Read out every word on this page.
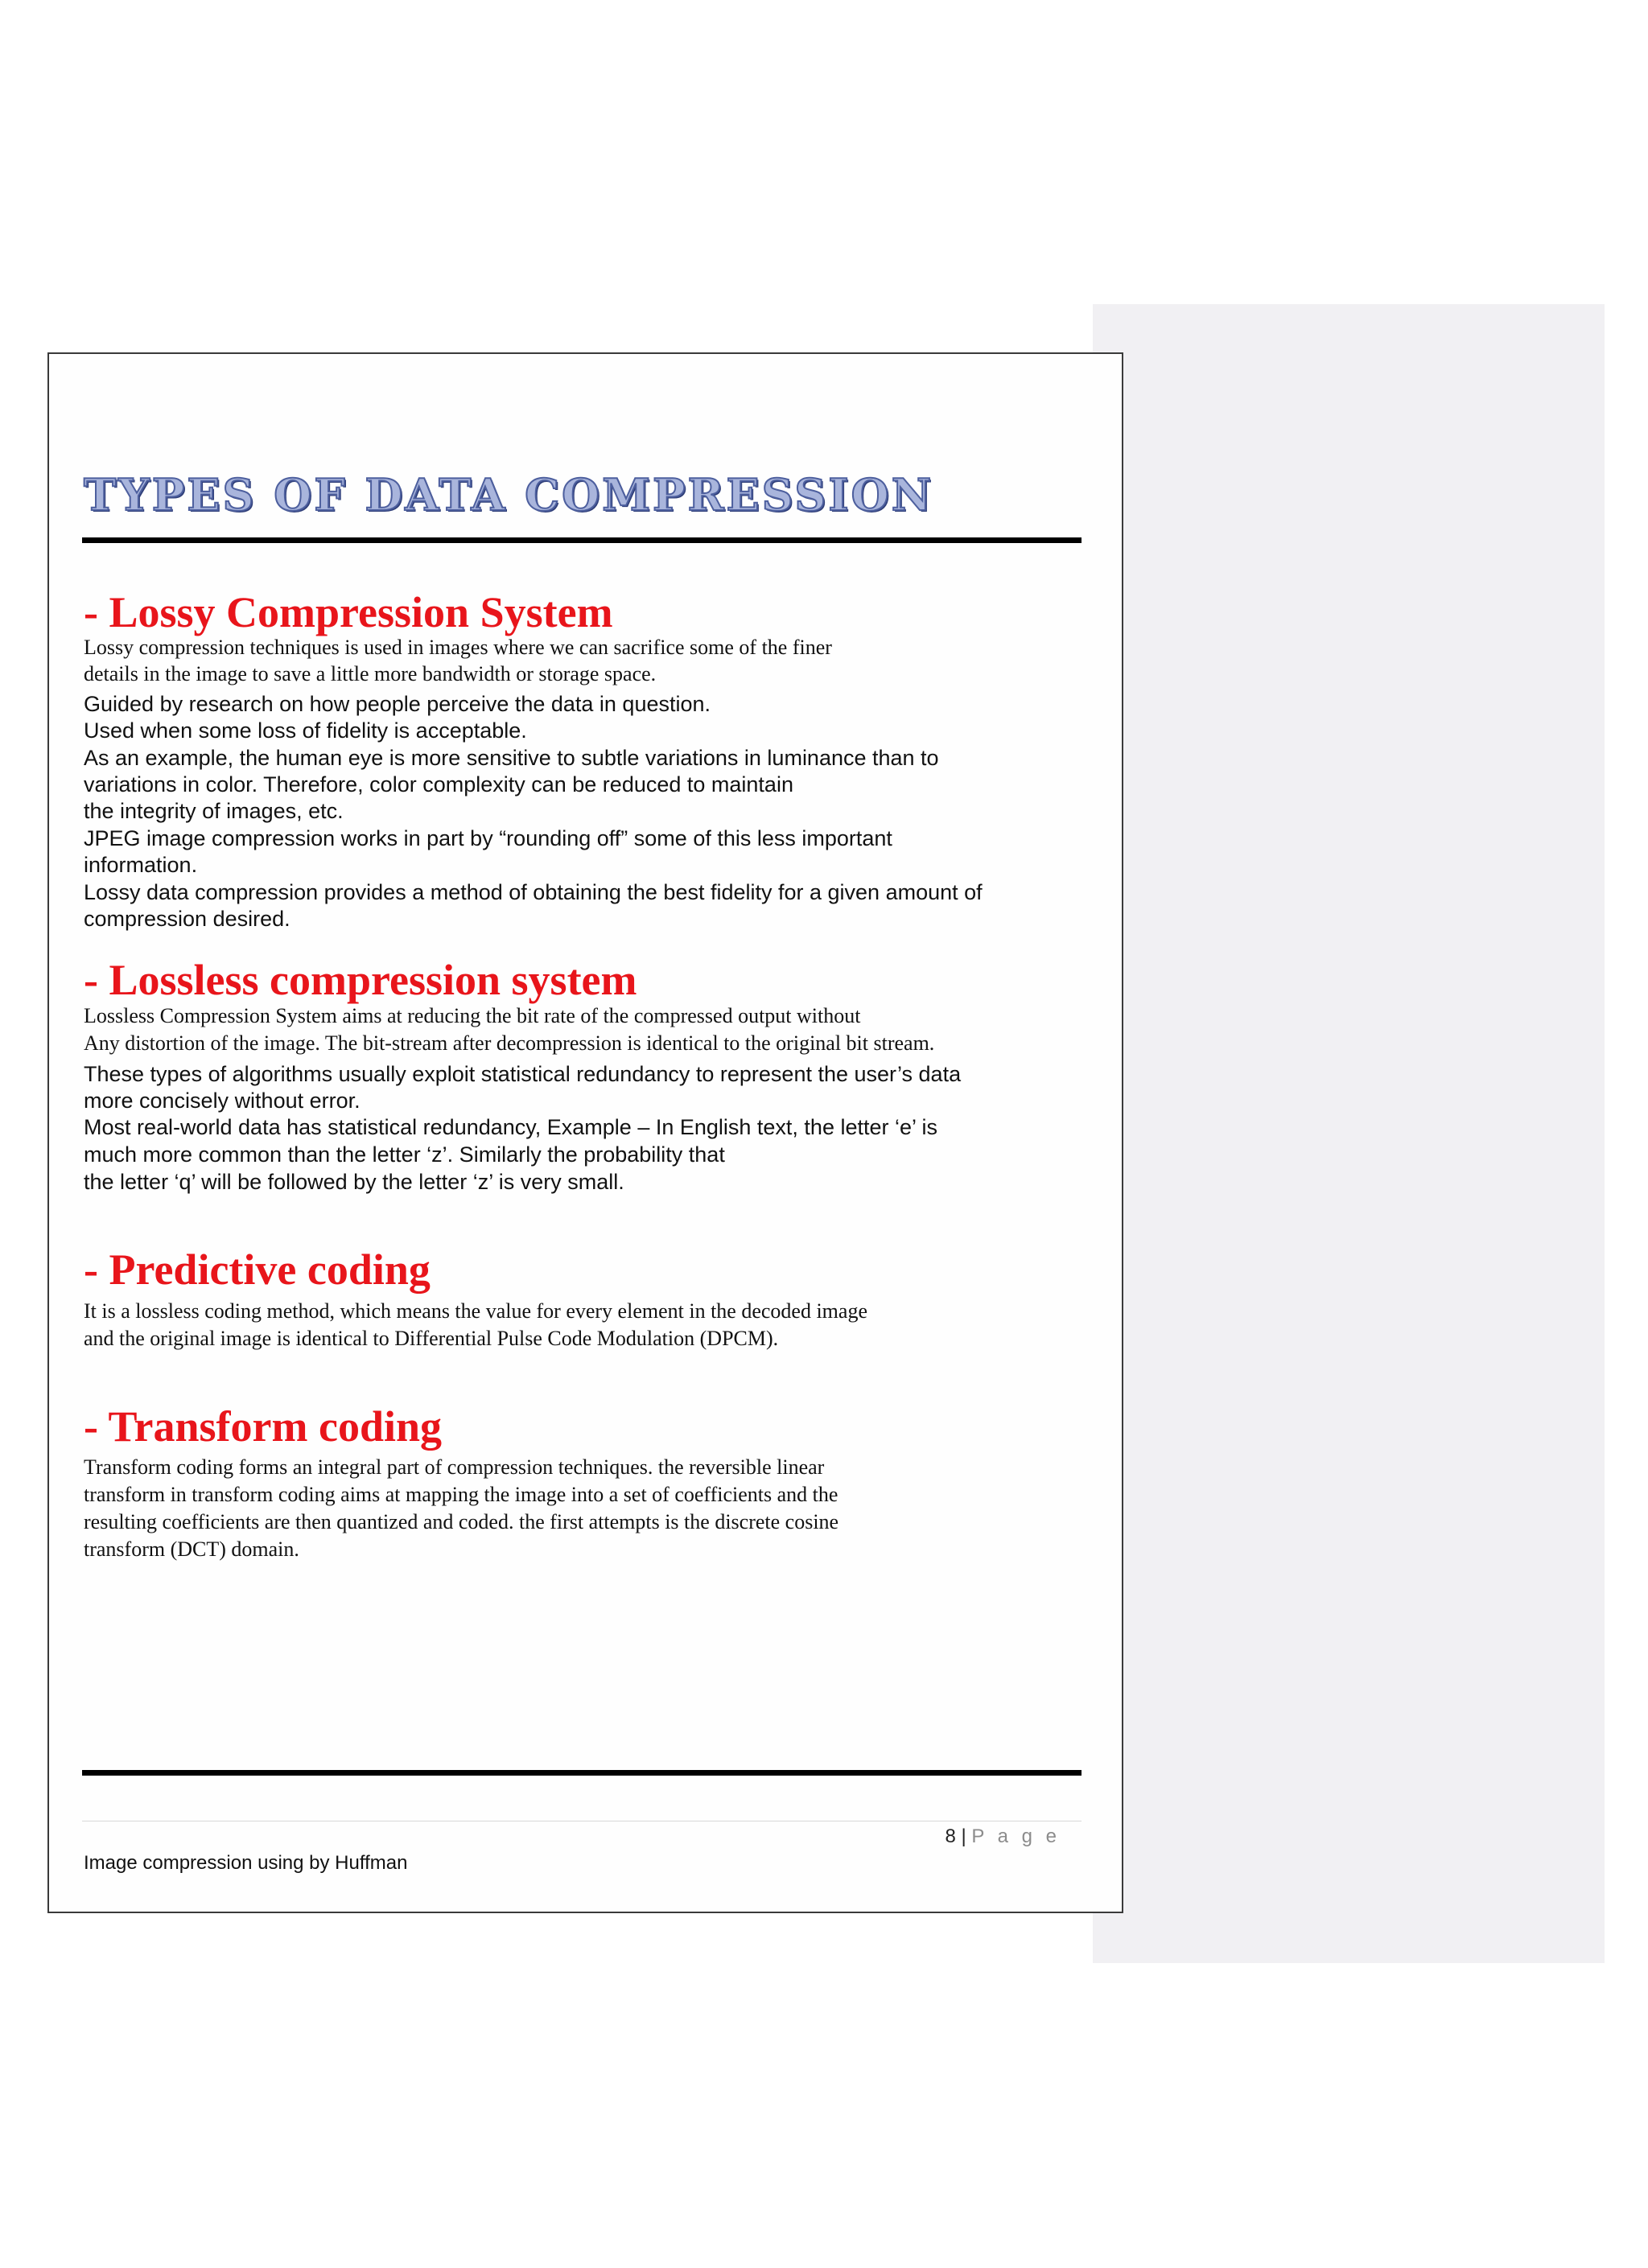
TYPES OF DATA COMPRESSION
- Lossy Compression System

Lossy compression techniques is used in images where we can sacrifice some of the finer

details in the image to save a little more bandwidth or storage space.

Guided by research on how people perceive the data in question.

Used when some loss of fidelity is acceptable.

As an example, the human eye is more sensitive to subtle variations in luminance than to

variations in color. Therefore, color complexity can be reduced to maintain

the integrity of images, etc.

JPEG image compression works in part by “rounding off” some of this less important

information.

Lossy data compression provides a method of obtaining the best fidelity for a given amount of

compression desired.

- Lossless compression system

Lossless Compression System aims at reducing the bit rate of the compressed output without

Any distortion of the image. The bit-stream after decompression is identical to the original bit stream.

These types of algorithms usually exploit statistical redundancy to represent the user’s data

more concisely without error.

Most real-world data has statistical redundancy, Example – In English text, the letter ‘e’ is

much more common than the letter ‘z’. Similarly the probability that

the letter ‘q’ will be followed by the letter ‘z’ is very small.

- Predictive coding

It is a lossless coding method, which means the value for every element in the decoded image

and the original image is identical to Differential Pulse Code Modulation (DPCM).

- Transform coding

Transform coding forms an integral part of compression techniques. the reversible linear

transform in transform coding aims at mapping the image into a set of coefficients and the

resulting coefficients are then quantized and coded. the first attempts is the discrete cosine

transform (DCT) domain.

8 | P a g e
Image compression using by Huffman
